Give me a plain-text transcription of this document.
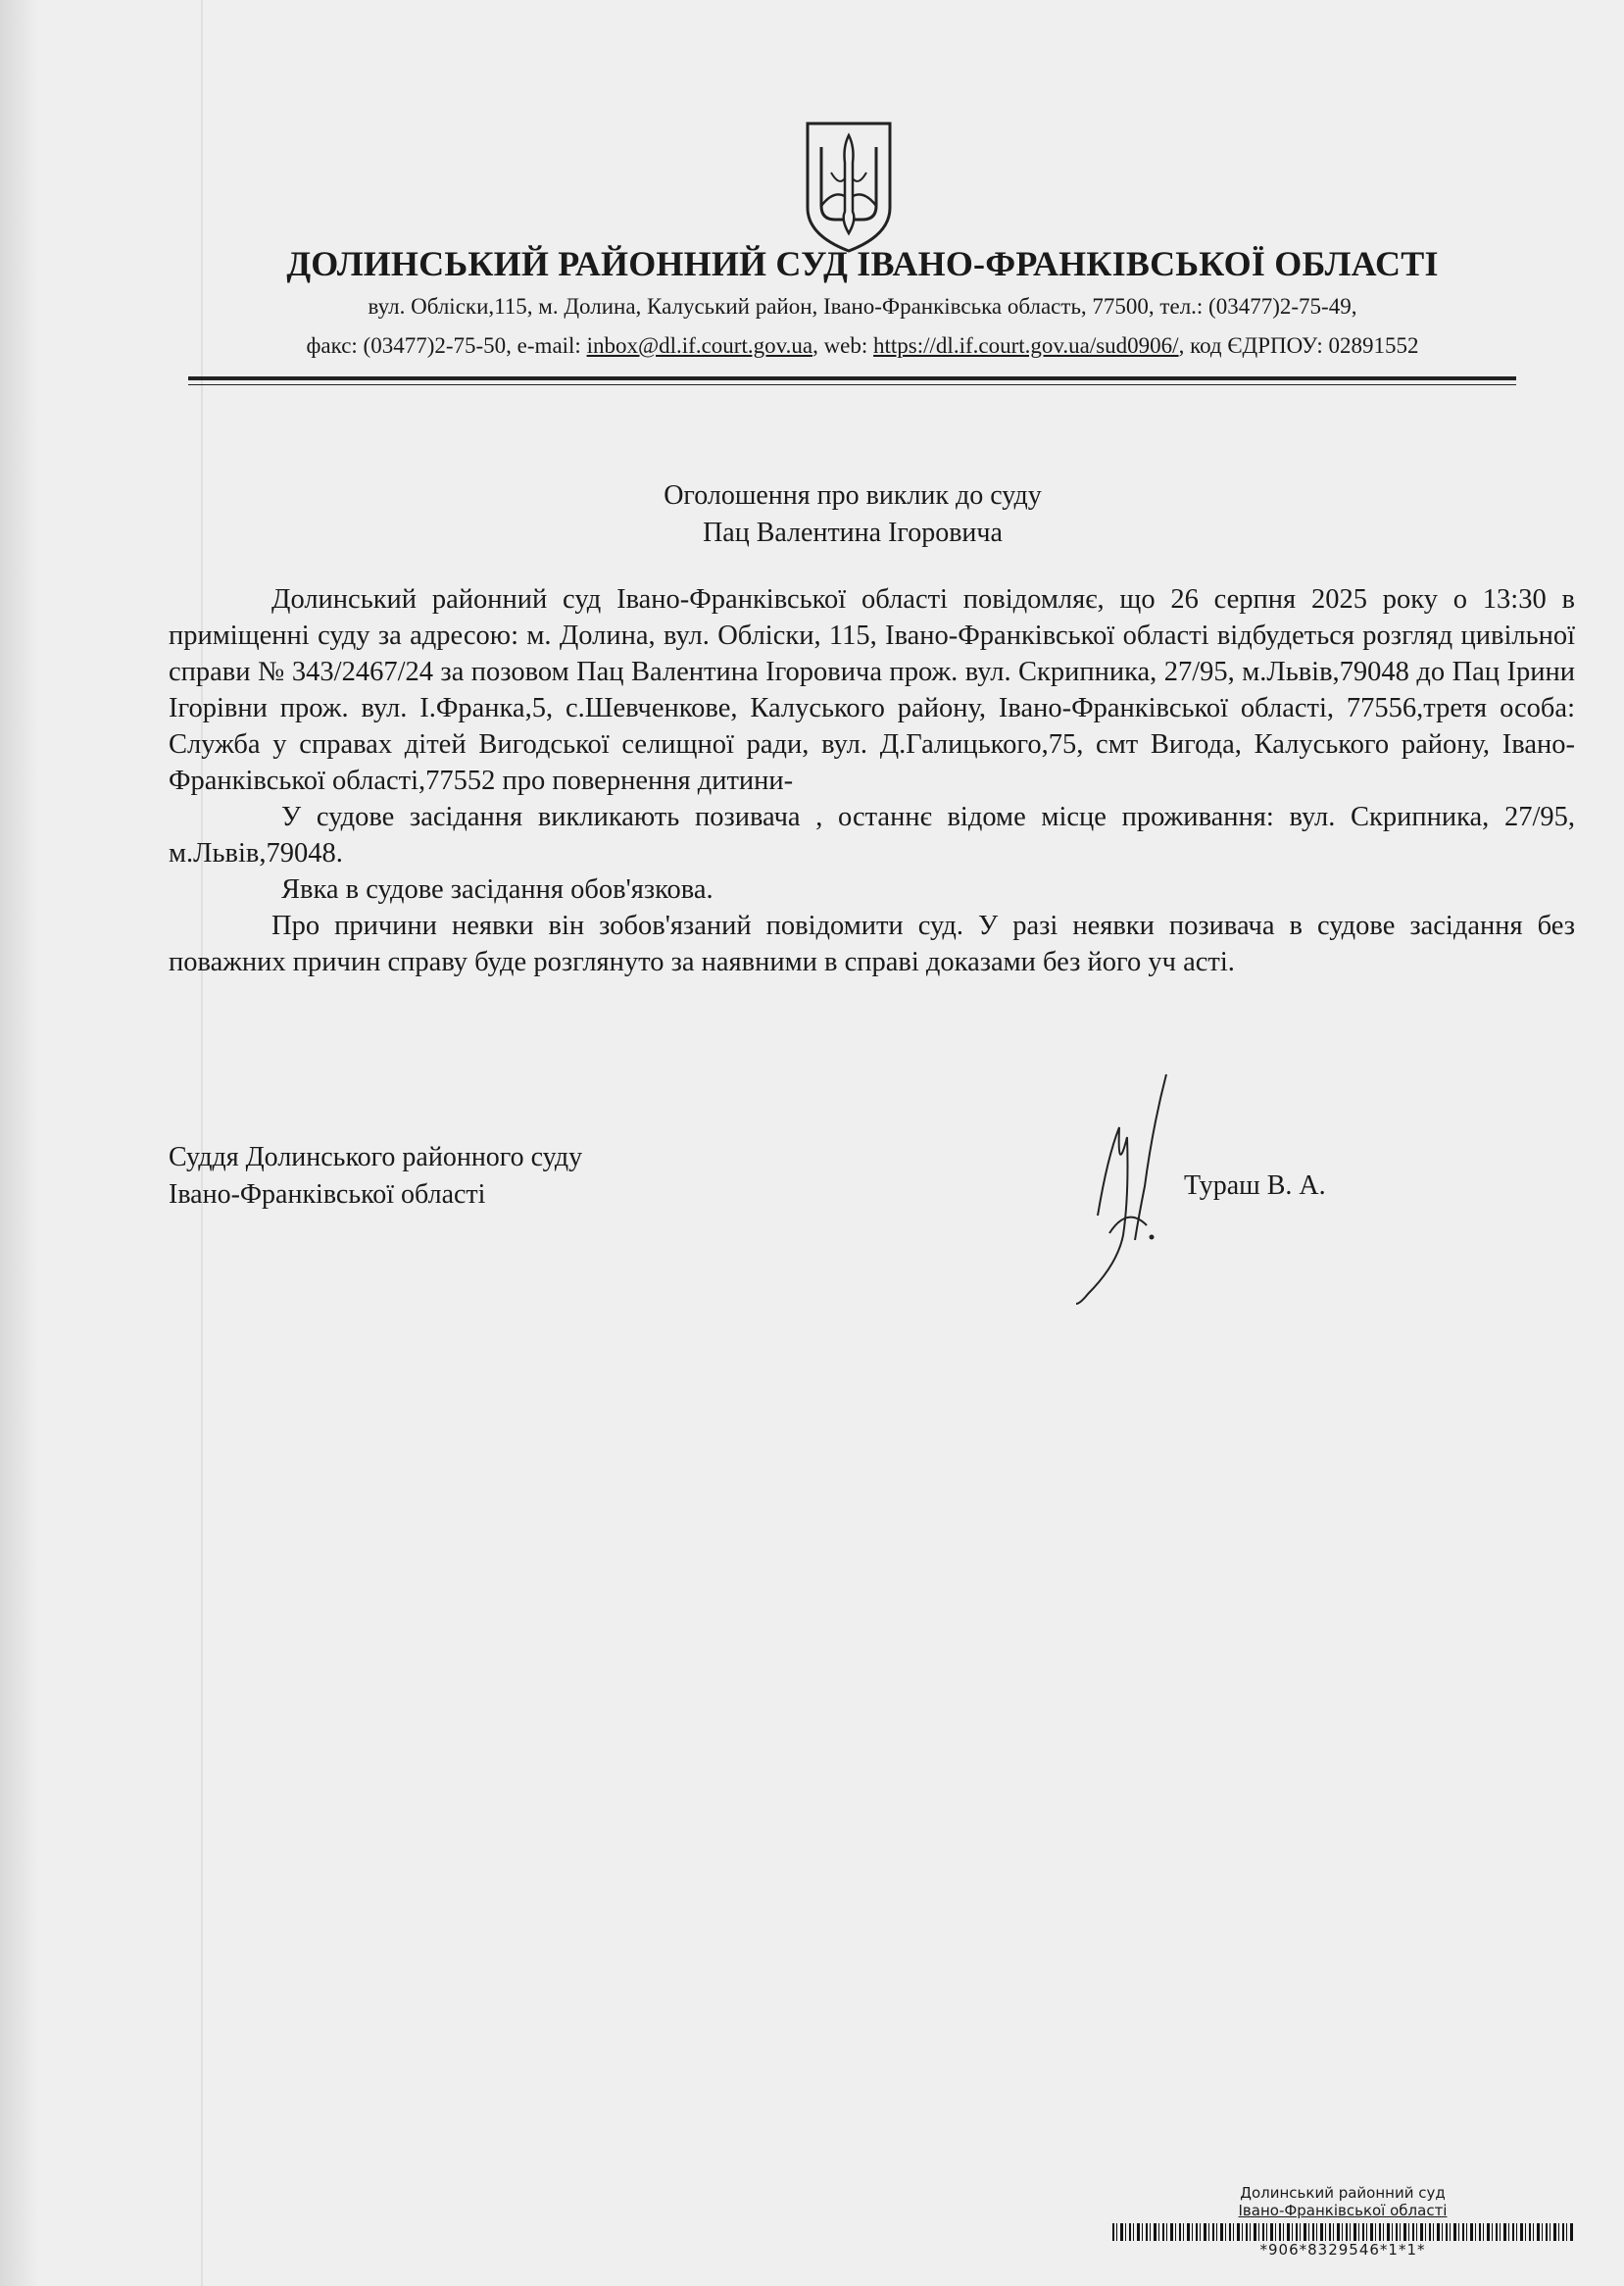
ДОЛИНСЬКИЙ РАЙОННИЙ СУД ІВАНО-ФРАНКІВСЬКОЇ ОБЛАСТІ
вул. Обліски,115, м. Долина, Калуський район, Івано-Франківська область, 77500, тел.: (03477)2-75-49,
факс: (03477)2-75-50, e-mail: inbox@dl.if.court.gov.ua, web: https://dl.if.court.gov.ua/sud0906/, код ЄДРПОУ: 02891552
Оголошення про виклик до суду
Пац Валентина Ігоровича

Долинський районний суд Івано-Франківської області повідомляє, що 26 серпня 2025 року о 13:30 в приміщенні суду за адресою: м. Долина, вул. Обліски, 115, Івано-Франківської області відбудеться розгляд цивільної справи № 343/2467/24 за позовом Пац Валентина Ігоровича прож. вул. Скрипника, 27/95, м.Львів,79048 до Пац Ірини Ігорівни прож. вул. І.Франка,5, с.Шевченкове, Калуського району, Івано-Франківської області, 77556,третя особа: Служба у справах дітей Вигодської селищної ради, вул. Д.Галицького,75, смт Вигода, Калуського району, Івано-Франківської області,77552 про повернення дитини-

У судове засідання викликають позивача , останнє відоме місце проживання: вул. Скрипника, 27/95, м.Львів,79048.

Явка в судове засідання обов'язкова.

Про причини неявки він зобов'язаний повідомити суд. У разі неявки позивача в судове засідання без поважних причин справу буде розглянуто за наявними в справі доказами без його уч асті.

Суддя Долинського районного суду
Івано-Франківської області	Тураш В. А.
Долинський районний суд
Івано-Франківської області
*906*8329546*1*1*
